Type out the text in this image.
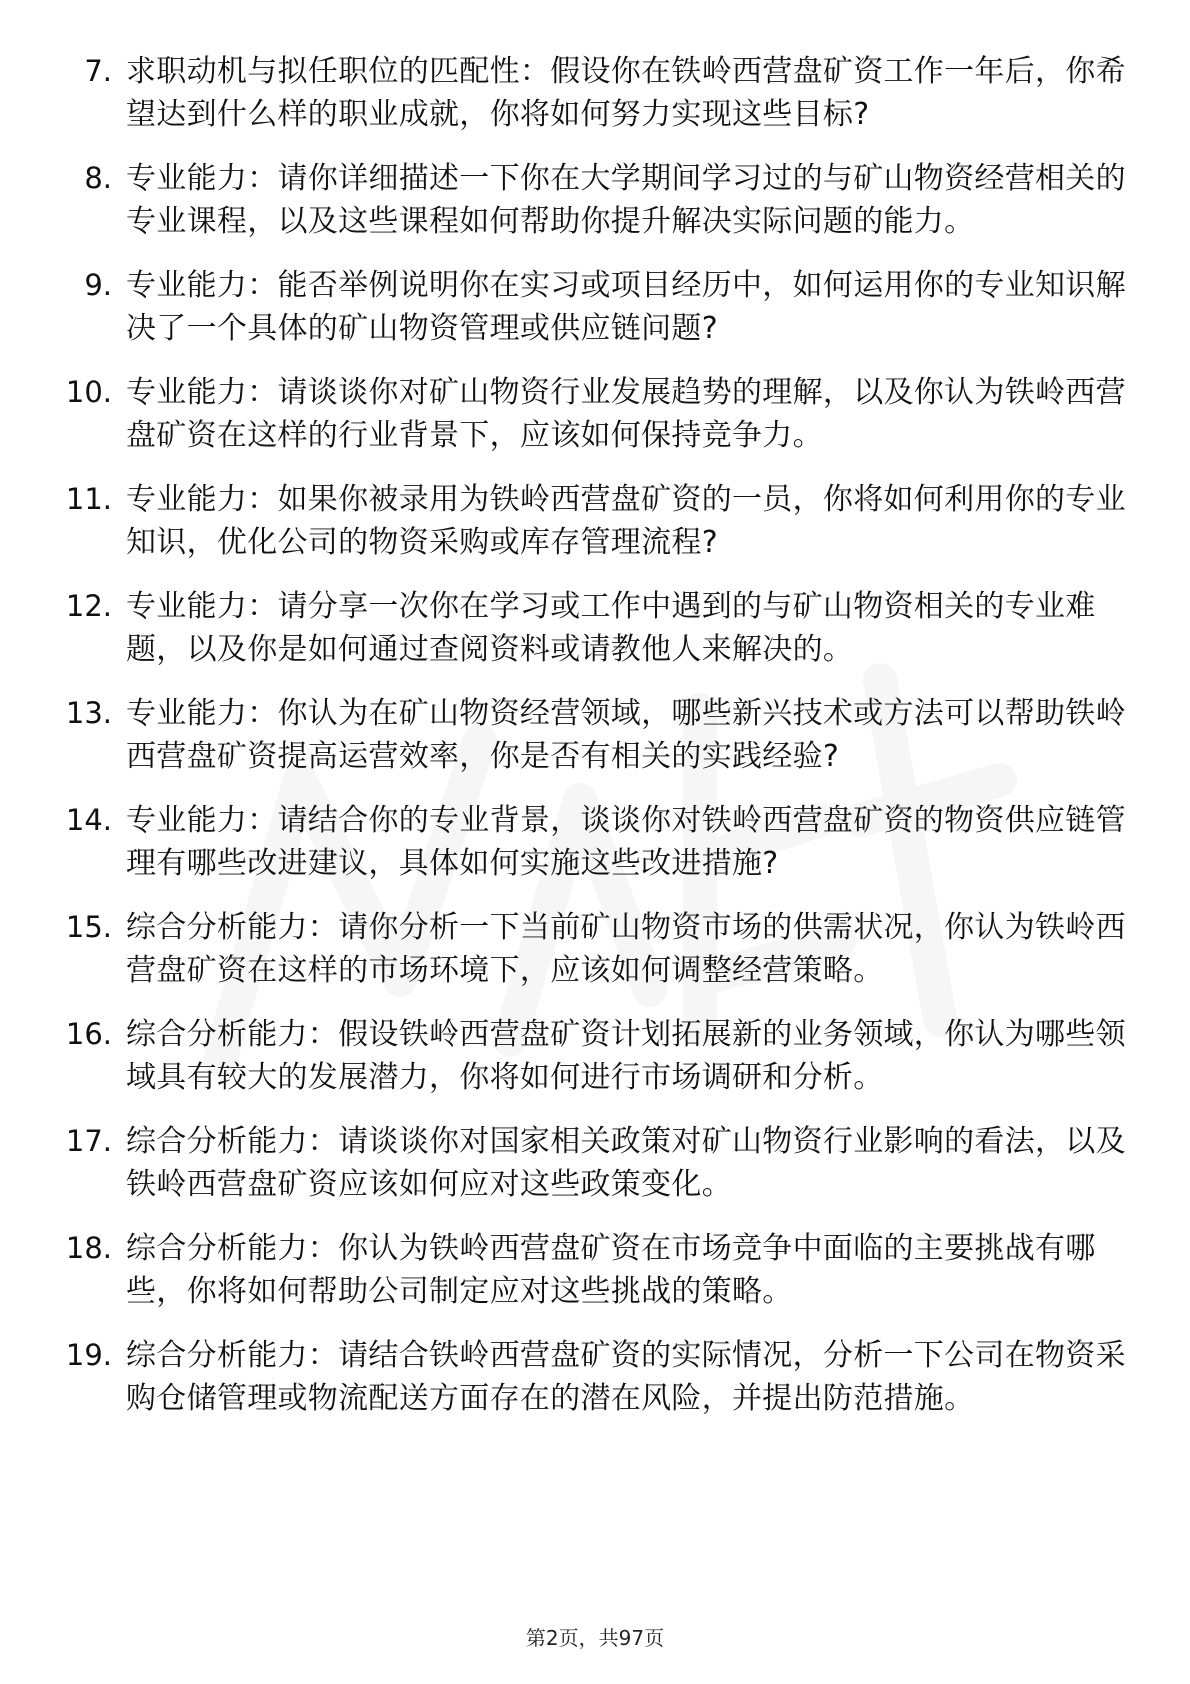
7. 求职动机与拟任职位的匹配性：假设你在铁岭西营盘矿资工作一年后，你希望达到什么样的职业成就，你将如何努力实现这些目标?
8. 专业能力：请你详细描述一下你在大学期间学习过的与矿山物资经营相关的专业课程，以及这些课程如何帮助你提升解决实际问题的能力。
9. 专业能力：能否举例说明你在实习或项目经历中，如何运用你的专业知识解决了一个具体的矿山物资管理或供应链问题?
10. 专业能力：请谈谈你对矿山物资行业发展趋势的理解，以及你认为铁岭西营盘矿资在这样的行业背景下，应该如何保持竞争力。
11. 专业能力：如果你被录用为铁岭西营盘矿资的一员，你将如何利用你的专业知识，优化公司的物资采购或库存管理流程?
12. 专业能力：请分享一次你在学习或工作中遇到的与矿山物资相关的专业难题，以及你是如何通过查阅资料或请教他人来解决的。
13. 专业能力：你认为在矿山物资经营领域，哪些新兴技术或方法可以帮助铁岭西营盘矿资提高运营效率，你是否有相关的实践经验?
14. 专业能力：请结合你的专业背景，谈谈你对铁岭西营盘矿资的物资供应链管理有哪些改进建议，具体如何实施这些改进措施?
15. 综合分析能力：请你分析一下当前矿山物资市场的供需状况，你认为铁岭西营盘矿资在这样的市场环境下，应该如何调整经营策略。
16. 综合分析能力：假设铁岭西营盘矿资计划拓展新的业务领域，你认为哪些领域具有较大的发展潜力，你将如何进行市场调研和分析。
17. 综合分析能力：请谈谈你对国家相关政策对矿山物资行业影响的看法，以及铁岭西营盘矿资应该如何应对这些政策变化。
18. 综合分析能力：你认为铁岭西营盘矿资在市场竞争中面临的主要挑战有哪些，你将如何帮助公司制定应对这些挑战的策略。
19. 综合分析能力：请结合铁岭西营盘矿资的实际情况，分析一下公司在物资采购仓储管理或物流配送方面存在的潜在风险，并提出防范措施。
第2页，共97页
